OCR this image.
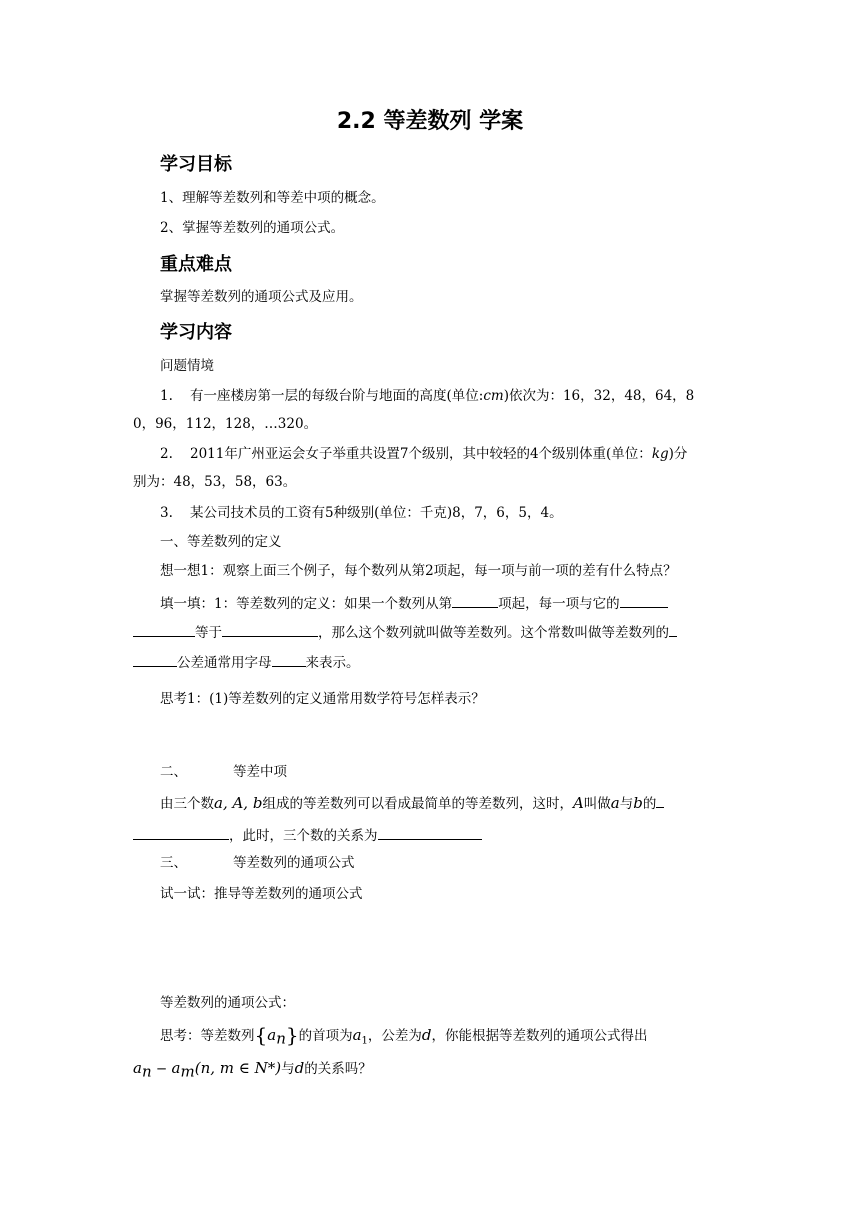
2.2 等差数列 学案
学习目标
1、理解等差数列和等差中项的概念。
2、掌握等差数列的通项公式。
重点难点
掌握等差数列的通项公式及应用。
学习内容
问题情境
1. 有一座楼房第一层的每级台阶与地面的高度(单位:cm)依次为：16，32，48，64，8
0，96，112，128，…320。
2. 2011年广州亚运会女子举重共设置7个级别，其中较轻的4个级别体重(单位：kg)分
别为：48，53，58，63。
3. 某公司技术员的工资有5种级别(单位：千克)8，7，6，5，4。
一、等差数列的定义
想一想1：观察上面三个例子，每个数列从第2项起，每一项与前一项的差有什么特点？
填一填：1：等差数列的定义：如果一个数列从第	项起，每一项与它的
等于	，那么这个数列就叫做等差数列。这个常数叫做等差数列的
公差通常用字母	来表示。
思考1：(1)等差数列的定义通常用数学符号怎样表示？
二、	等差中项
由三个数a, A, b组成的等差数列可以看成最简单的等差数列，这时，A叫做a与b的
，此时，三个数的关系为
三、	等差数列的通项公式
试一试：推导等差数列的通项公式
等差数列的通项公式：
思考：等差数列$\{a_n\}$的首项为$a_1$，公差为d，你能根据等差数列的通项公式得出
$a_n - a_m(n$, m ∈ N*)与d的关系吗？
